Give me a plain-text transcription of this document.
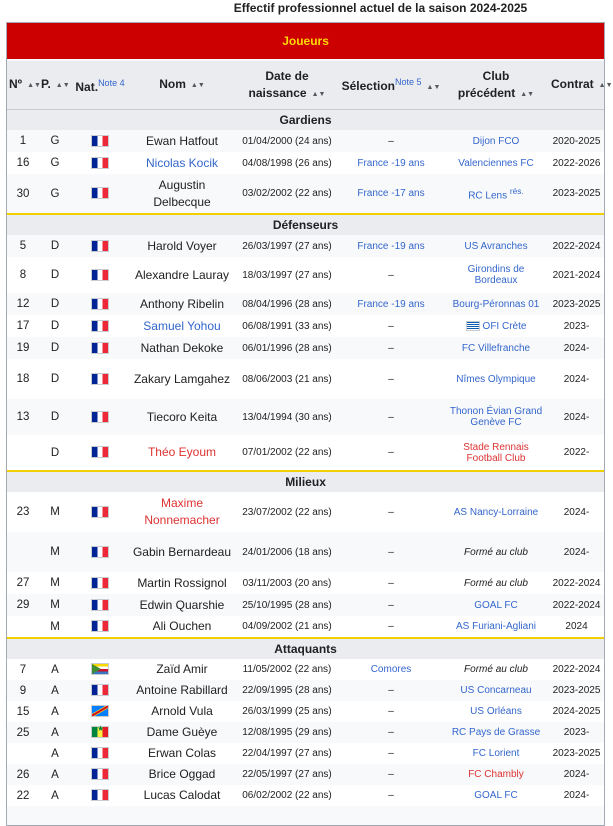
Effectif professionnel actuel de la saison 2024-2025
Joueurs							
Nº ▲▼	P. ▲▼	Nat.$^{Note 4}$	Nom ▲▼	Date de
naissance ▲▼	Sélection$^{Note 5}$▲▼	Club précédent ▲▼	Contrat ▲▼
Gardiens							
1	G		Ewan Hatfout	01/04/2000 (24 ans)	–	Dijon FCO	2020-2025
16	G		Nicolas Kocik	04/08/1998 (26 ans)	France -19 ans	Valenciennes FC	2022-2026
30	G		Augustin Delbecque	03/02/2002 (22 ans)	France -17 ans	RC Lens $^{rés.}$	2023-2025
Défenseurs							
5	D		Harold Voyer	26/03/1997 (27 ans)	France -19 ans	US Avranches	2022-2024
8	D		Alexandre Lauray	18/03/1997 (27 ans)	–	Girondins de Bordeaux	2021-2024
12	D		Anthony Ribelin	08/04/1996 (28 ans)	France -19 ans	Bourg-Péronnas 01	2023-2025
17	D		Samuel Yohou	06/08/1991 (33 ans)	–	OFI Crète	2023-
19	D		Nathan Dekoke	06/01/1996 (28 ans)	–	FC Villefranche	2024-
18	D		Zakary Lamgahez	08/06/2003 (21 ans)	–	Nîmes Olympique	2024-
13	D		Tiecoro Keita	13/04/1994 (30 ans)	–	Thonon Évian Grand Genève FC	2024-
	D		Théo Eyoum	07/01/2002 (22 ans)	–	Stade Rennais Football Club	2022-
Milieux							
23	M		Maxime Nonnemacher	23/07/2002 (22 ans)	–	AS Nancy-Lorraine	2024-
	M		Gabin Bernardeau	24/01/2006 (18 ans)	–	Formé au club	2024-
27	M		Martin Rossignol	03/11/2003 (20 ans)	–	Formé au club	2022-2024
29	M		Edwin Quarshie	25/10/1995 (28 ans)	–	GOAL FC	2022-2024
	M		Ali Ouchen	04/09/2002 (21 ans)	–	AS Furiani-Agliani	2024
Attaquants							
7	A		Zaïd Amir	11/05/2002 (22 ans)	Comores	Formé au club	2022-2024
9	A		Antoine Rabillard	22/09/1995 (28 ans)	–	US Concarneau	2023-2025
15	A		Arnold Vula	26/03/1999 (25 ans)	–	US Orléans	2024-2025
25	A	★	Dame Guèye	12/08/1995 (29 ans)	–	RC Pays de Grasse	2023-
	A		Erwan Colas	22/04/1997 (27 ans)	–	FC Lorient	2023-2025
26	A		Brice Oggad	22/05/1997 (27 ans)	–	FC Chambly	2024-
22	A		Lucas Calodat	06/02/2002 (22 ans)	–	GOAL FC	2024-
